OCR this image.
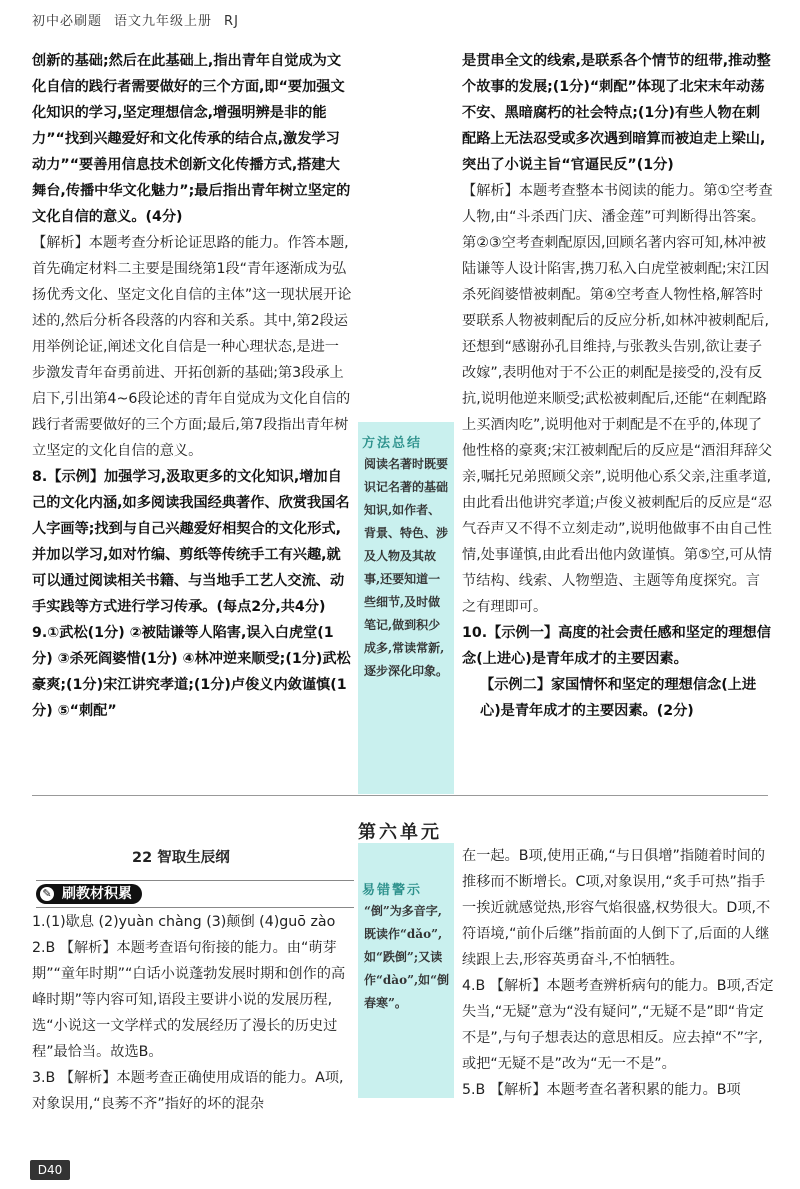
初中必刷题 语文九年级上册 RJ

创新的基础;然后在此基础上,指出青年自觉成为文化自信的践行者需要做好的三个方面,即“要加强文化知识的学习,坚定理想信念,增强明辨是非的能力”“找到兴趣爱好和文化传承的结合点,激发学习动力”“要善用信息技术创新文化传播方式,搭建大舞台,传播中华文化魅力”;最后指出青年树立坚定的文化自信的意义。(4分)

【解析】本题考查分析论证思路的能力。作答本题,首先确定材料二主要是围绕第1段“青年逐渐成为弘扬优秀文化、坚定文化自信的主体”这一现状展开论述的,然后分析各段落的内容和关系。其中,第2段运用举例论证,阐述文化自信是一种心理状态,是进一步激发青年奋勇前进、开拓创新的基础;第3段承上启下,引出第4~6段论述的青年自觉成为文化自信的践行者需要做好的三个方面;最后,第7段指出青年树立坚定的文化自信的意义。

8.【示例】加强学习,汲取更多的文化知识,增加自己的文化内涵,如多阅读我国经典著作、欣赏我国名人字画等;找到与自己兴趣爱好相契合的文化形式,并加以学习,如对竹编、剪纸等传统手工有兴趣,就可以通过阅读相关书籍、与当地手工艺人交流、动手实践等方式进行学习传承。(每点2分,共4分)

9.①武松(1分) ②被陆谦等人陷害,误入白虎堂(1分) ③杀死阎婆惜(1分) ④林冲逆来顺受;(1分)武松豪爽;(1分)宋江讲究孝道;(1分)卢俊义内敛谨慎(1分) ⑤“刺配”

方法总结
阅读名著时既要识记名著的基础知识,如作者、背景、特色、涉及人物及其故事,还要知道一些细节,及时做笔记,做到积少成多,常读常新,逐步深化印象。

是贯串全文的线索,是联系各个情节的纽带,推动整个故事的发展;(1分)“刺配”体现了北宋末年动荡不安、黑暗腐朽的社会特点;(1分)有些人物在刺配路上无法忍受或多次遇到暗算而被迫走上梁山,突出了小说主旨“官逼民反”(1分)

【解析】本题考查整本书阅读的能力。第①空考查人物,由“斗杀西门庆、潘金莲”可判断得出答案。第②③空考查刺配原因,回顾名著内容可知,林冲被陆谦等人设计陷害,携刀私入白虎堂被刺配;宋江因杀死阎婆惜被刺配。第④空考查人物性格,解答时要联系人物被刺配后的反应分析,如林冲被刺配后,还想到“感谢孙孔目维持,与张教头告别,欲让妻子改嫁”,表明他对于不公正的刺配是接受的,没有反抗,说明他逆来顺受;武松被刺配后,还能“在刺配路上买酒肉吃”,说明他对于刺配是不在乎的,体现了他性格的豪爽;宋江被刺配后的反应是“酒泪拜辞父亲,嘱托兄弟照顾父亲”,说明他心系父亲,注重孝道,由此看出他讲究孝道;卢俊义被刺配后的反应是“忍气吞声又不得不立刻走动”,说明他做事不由自己性情,处事谨慎,由此看出他内敛谨慎。第⑤空,可从情节结构、线索、人物塑造、主题等角度探究。言之有理即可。

10.【示例一】高度的社会责任感和坚定的理想信念(上进心)是青年成才的主要因素。

【示例二】家国情怀和坚定的理想信念(上进心)是青年成才的主要因素。(2分)

第六单元
22 智取生辰纲
✎ 刷教材积累

1.(1)歇息 (2)yuàn chàng (3)颠倒 (4)guō zào

2.B 【解析】本题考查语句衔接的能力。由“萌芽期”“童年时期”“白话小说蓬勃发展时期和创作的高峰时期”等内容可知,语段主要讲小说的发展历程,选“小说这一文学样式的发展经历了漫长的历史过程”最恰当。故选B。

3.B 【解析】本题考查正确使用成语的能力。A项,对象误用,“良莠不齐”指好的坏的混杂

易错警示
“倒”为多音字,既读作“dǎo”,如“跌倒”;又读作“dào”,如“倒春寒”。

在一起。B项,使用正确,“与日俱增”指随着时间的推移而不断增长。C项,对象误用,“炙手可热”指手一挨近就感觉热,形容气焰很盛,权势很大。D项,不符语境,“前仆后继”指前面的人倒下了,后面的人继续跟上去,形容英勇奋斗,不怕牺牲。

4.B 【解析】本题考查辨析病句的能力。B项,否定失当,“无疑”意为“没有疑问”,“无疑不是”即“肯定不是”,与句子想表达的意思相反。应去掉“不”字,或把“无疑不是”改为“无一不是”。

5.B 【解析】本题考查名著积累的能力。B项

D40
